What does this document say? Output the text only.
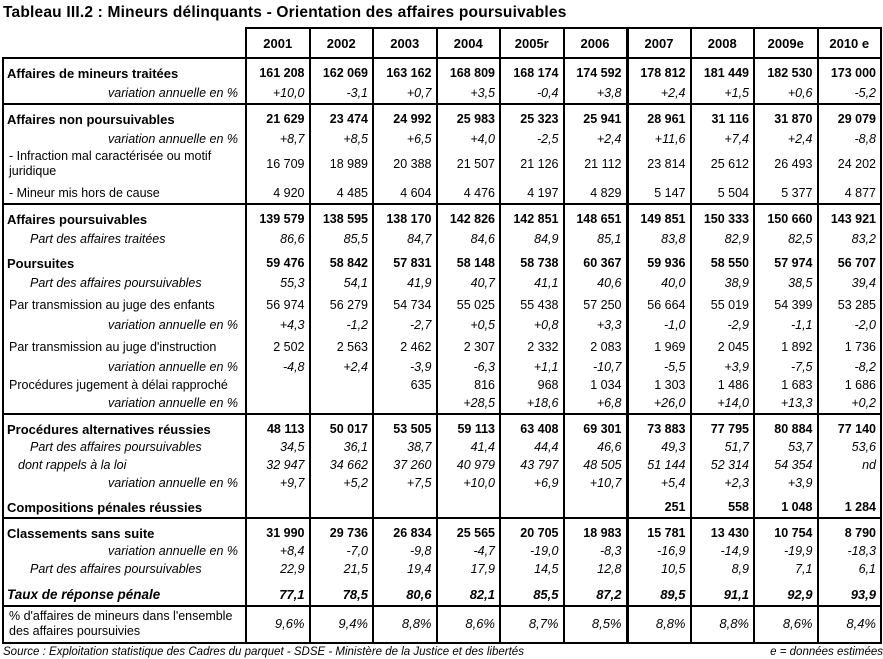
Tableau III.2 : Mineurs délinquants - Orientation des affaires poursuivables
	2001	2002	2003	2004	2005r	2006	2007	2008	2009e	2010 e
Affaires de mineurs traitées	161 208	162 069	163 162	168 809	168 174	174 592	178 812	181 449	182 530	173 000
variation annuelle en %	+10,0	-3,1	+0,7	+3,5	-0,4	+3,8	+2,4	+1,5	+0,6	-5,2
Affaires non poursuivables	21 629	23 474	24 992	25 983	25 323	25 941	28 961	31 116	31 870	29 079
variation annuelle en %	+8,7	+8,5	+6,5	+4,0	-2,5	+2,4	+11,6	+7,4	+2,4	-8,8
- Infraction mal caractérisée ou motif juridique	16 709	18 989	20 388	21 507	21 126	21 112	23 814	25 612	26 493	24 202
- Mineur mis hors de cause	4 920	4 485	4 604	4 476	4 197	4 829	5 147	5 504	5 377	4 877
Affaires poursuivables	139 579	138 595	138 170	142 826	142 851	148 651	149 851	150 333	150 660	143 921
Part des affaires traitées	86,6	85,5	84,7	84,6	84,9	85,1	83,8	82,9	82,5	83,2
Poursuites	59 476	58 842	57 831	58 148	58 738	60 367	59 936	58 550	57 974	56 707
Part des affaires poursuivables	55,3	54,1	41,9	40,7	41,1	40,6	40,0	38,9	38,5	39,4
Par transmission au juge des enfants	56 974	56 279	54 734	55 025	55 438	57 250	56 664	55 019	54 399	53 285
variation annuelle en %	+4,3	-1,2	-2,7	+0,5	+0,8	+3,3	-1,0	-2,9	-1,1	-2,0
Par transmission au juge d'instruction	2 502	2 563	2 462	2 307	2 332	2 083	1 969	2 045	1 892	1 736
variation annuelle en %	-4,8	+2,4	-3,9	-6,3	+1,1	-10,7	-5,5	+3,9	-7,5	-8,2
Procédures jugement à délai rapproché			635	816	968	1 034	1 303	1 486	1 683	1 686
variation annuelle en %				+28,5	+18,6	+6,8	+26,0	+14,0	+13,3	+0,2
Procédures alternatives réussies	48 113	50 017	53 505	59 113	63 408	69 301	73 883	77 795	80 884	77 140
Part des affaires poursuivables	34,5	36,1	38,7	41,4	44,4	46,6	49,3	51,7	53,7	53,6
dont rappels à la loi	32 947	34 662	37 260	40 979	43 797	48 505	51 144	52 314	54 354	nd
variation annuelle en %	+9,7	+5,2	+7,5	+10,0	+6,9	+10,7	+5,4	+2,3	+3,9	
Compositions pénales réussies							251	558	1 048	1 284
Classements sans suite	31 990	29 736	26 834	25 565	20 705	18 983	15 781	13 430	10 754	8 790
variation annuelle en %	+8,4	-7,0	-9,8	-4,7	-19,0	-8,3	-16,9	-14,9	-19,9	-18,3
Part des affaires poursuivables	22,9	21,5	19,4	17,9	14,5	12,8	10,5	8,9	7,1	6,1
Taux de réponse pénale	77,1	78,5	80,6	82,1	85,5	87,2	89,5	91,1	92,9	93,9
% d'affaires de mineurs dans l'ensemble des affaires poursuivies	9,6%	9,4%	8,8%	8,6%	8,7%	8,5%	8,8%	8,8%	8,6%	8,4%
Source : Exploitation statistique des Cadres du parquet - SDSE - Ministère de la Justice et des libertés	e = données estimées
